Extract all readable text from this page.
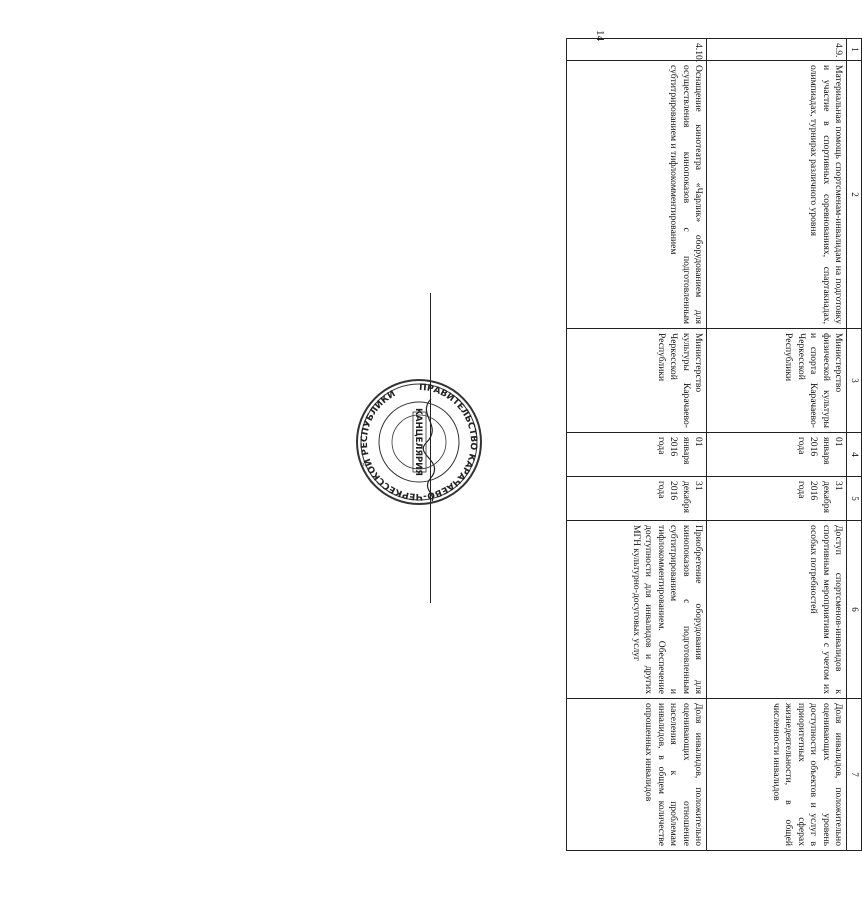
14
1	2	3	4	5	6	7
4.9.	Материальная помощь спортсменам-инвалидам на подготовку и участие в спортивных соревнованиях, спартакиадах, олимпиадах, турнирах различного уровня	Министерство физической культуры и спорта Карачаево-Черкесской Республики	01 января 2016 года	31 декабря 2016 года	Доступ спортсменов-инвалидов к спортивным мероприятиям с учетом их особых потребностей	Доля инвалидов, положительно оценивающих уровень доступности объектов и услуг в приоритетных сферах жизнедеятельности, в общей численности инвалидов
4.10.	Оснащение кинотеатра «Чарлик» оборудованием для осуществления кинопоказов с подготовленным субтитрированием и тифлокомментированием	Министерство культуры Карачаево-Черкесской Республики	01 января 2016 года	31 декабря 2016 года	Приобретение оборудования для кинопоказов с подготовленным субтитрированием и тифлокомментированием. Обеспечение доступности для инвалидов и других МГН культурно-досуговых услуг	Доля инвалидов, положительно оценивающих отношение населения к проблемам инвалидов, в общем количестве опрошенных инвалидов
ПРАВИТЕЛЬСТВО КАРАЧАЕВО-ЧЕРКЕССКОЙ РЕСПУБЛИКИ
КАНЦЕЛЯРИЯ
